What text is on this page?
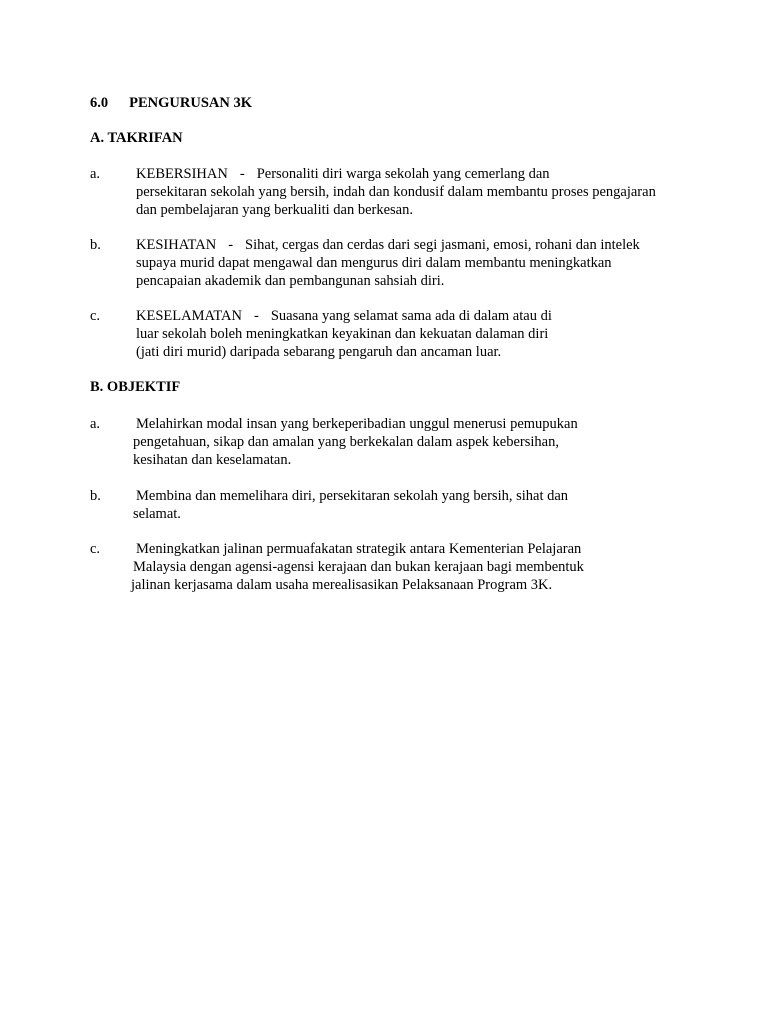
6.0 PENGURUSAN 3K
A. TAKRIFAN
a. KEBERSIHAN - Personaliti diri warga sekolah yang cemerlang dan
persekitaran sekolah yang bersih, indah dan kondusif dalam membantu proses pengajaran
dan pembelajaran yang berkualiti dan berkesan.
b. KESIHATAN - Sihat, cergas dan cerdas dari segi jasmani, emosi, rohani dan intelek
supaya murid dapat mengawal dan mengurus diri dalam membantu meningkatkan
pencapaian akademik dan pembangunan sahsiah diri.
c. KESELAMATAN - Suasana yang selamat sama ada di dalam atau di
luar sekolah boleh meningkatkan keyakinan dan kekuatan dalaman diri
(jati diri murid) daripada sebarang pengaruh dan ancaman luar.
B. OBJEKTIF
a. Melahirkan modal insan yang berkeperibadian unggul menerusi pemupukan
pengetahuan, sikap dan amalan yang berkekalan dalam aspek kebersihan,
kesihatan dan keselamatan.
b. Membina dan memelihara diri, persekitaran sekolah yang bersih, sihat dan
selamat.
c. Meningkatkan jalinan permuafakatan strategik antara Kementerian Pelajaran
Malaysia dengan agensi-agensi kerajaan dan bukan kerajaan bagi membentuk
jalinan kerjasama dalam usaha merealisasikan Pelaksanaan Program 3K.
